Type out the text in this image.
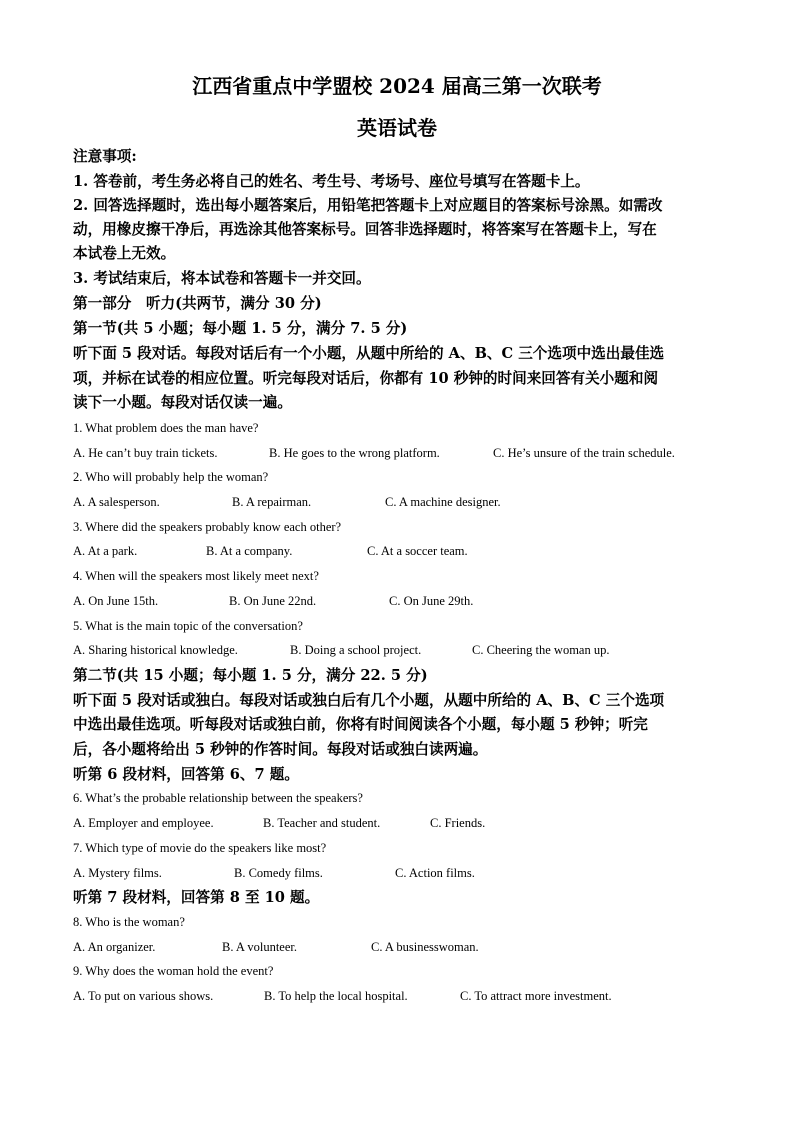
江西省重点中学盟校 2024 届高三第一次联考
英语试卷
注意事项:
1. 答卷前，考生务必将自己的姓名、考生号、考场号、座位号填写在答题卡上。
2. 回答选择题时，选出每小题答案后，用铅笔把答题卡上对应题目的答案标号涂黑。如需改
动，用橡皮擦干净后，再选涂其他答案标号。回答非选择题时，将答案写在答题卡上，写在
本试卷上无效。
3. 考试结束后，将本试卷和答题卡一并交回。
第一部分　听力(共两节，满分 30 分)
第一节(共 5 小题；每小题 1. 5 分，满分 7. 5 分)
听下面 5 段对话。每段对话后有一个小题，从题中所给的 A、B、C 三个选项中选出最佳选
项，并标在试卷的相应位置。听完每段对话后，你都有 10 秒钟的时间来回答有关小题和阅
读下一小题。每段对话仅读一遍。
1. What problem does the man have?
A. He can’t buy train tickets.	B. He goes to the wrong platform.	C. He’s unsure of the train schedule.
2. Who will probably help the woman?
A. A salesperson.	B. A repairman.	C. A machine designer.
3. Where did the speakers probably know each other?
A. At a park.	B. At a company.	C. At a soccer team.
4. When will the speakers most likely meet next?
A. On June 15th.	B. On June 22nd.	C. On June 29th.
5. What is the main topic of the conversation?
A. Sharing historical knowledge.	B. Doing a school project.	C. Cheering the woman up.
第二节(共 15 小题；每小题 1. 5 分，满分 22. 5 分)
听下面 5 段对话或独白。每段对话或独白后有几个小题，从题中所给的 A、B、C 三个选项
中选出最佳选项。听每段对话或独白前，你将有时间阅读各个小题，每小题 5 秒钟；听完
后，各小题将给出 5 秒钟的作答时间。每段对话或独白读两遍。
听第 6 段材料，回答第 6、7 题。
6. What’s the probable relationship between the speakers?
A. Employer and employee.	B. Teacher and student.	C. Friends.
7. Which type of movie do the speakers like most?
A. Mystery films.	B. Comedy films.	C. Action films.
听第 7 段材料，回答第 8 至 10 题。
8. Who is the woman?
A. An organizer.	B. A volunteer.	C. A businesswoman.
9. Why does the woman hold the event?
A. To put on various shows.	B. To help the local hospital.	C. To attract more investment.
